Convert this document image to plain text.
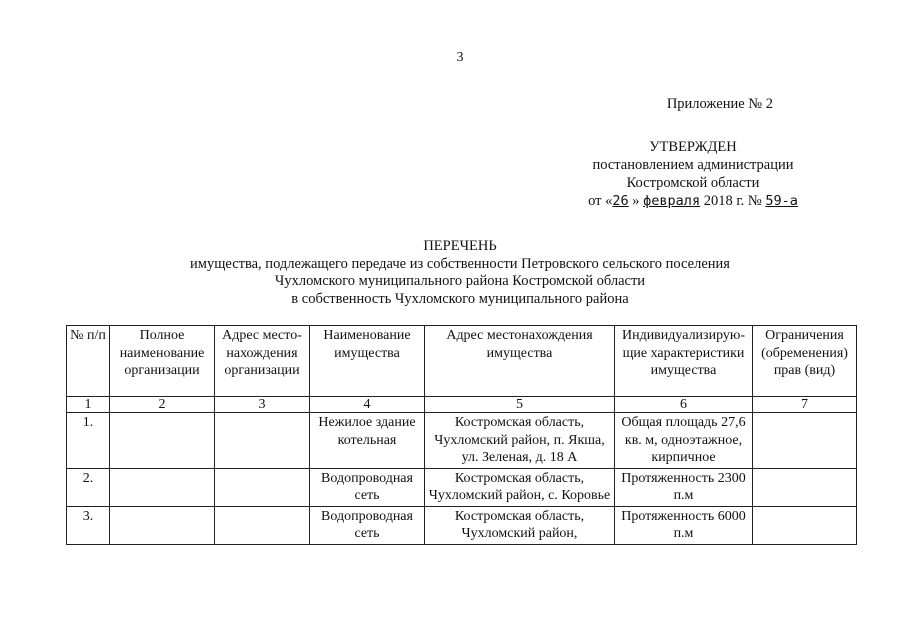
3
Приложение № 2
УТВЕРЖДЕН
постановлением администрации
Костромской области
от «26 » февраля 2018 г. № 59-а
ПЕРЕЧЕНЬ
имущества, подлежащего передаче из собственности Петровского сельского поселения
Чухломского муниципального района Костромской области
в собственность Чухломского муниципального района
№ п/п	Полное наименование организации	Адрес место-нахождения организации	Наименование имущества	Адрес местонахождения имущества	Индивидуализирую-щие характеристики имущества	Ограничения (обременения) прав (вид)
1	2	3	4	5	6	7
1.			Нежилое здание котельная	Костромская область, Чухломский район, п. Якша, ул. Зеленая, д. 18 А	Общая площадь 27,6 кв. м, одноэтажное, кирпичное	
2.			Водопроводная сеть	Костромская область, Чухломский район, с. Коровье	Протяженность 2300 п.м	
3.			Водопроводная сеть	Костромская область, Чухломский район,	Протяженность 6000 п.м	
